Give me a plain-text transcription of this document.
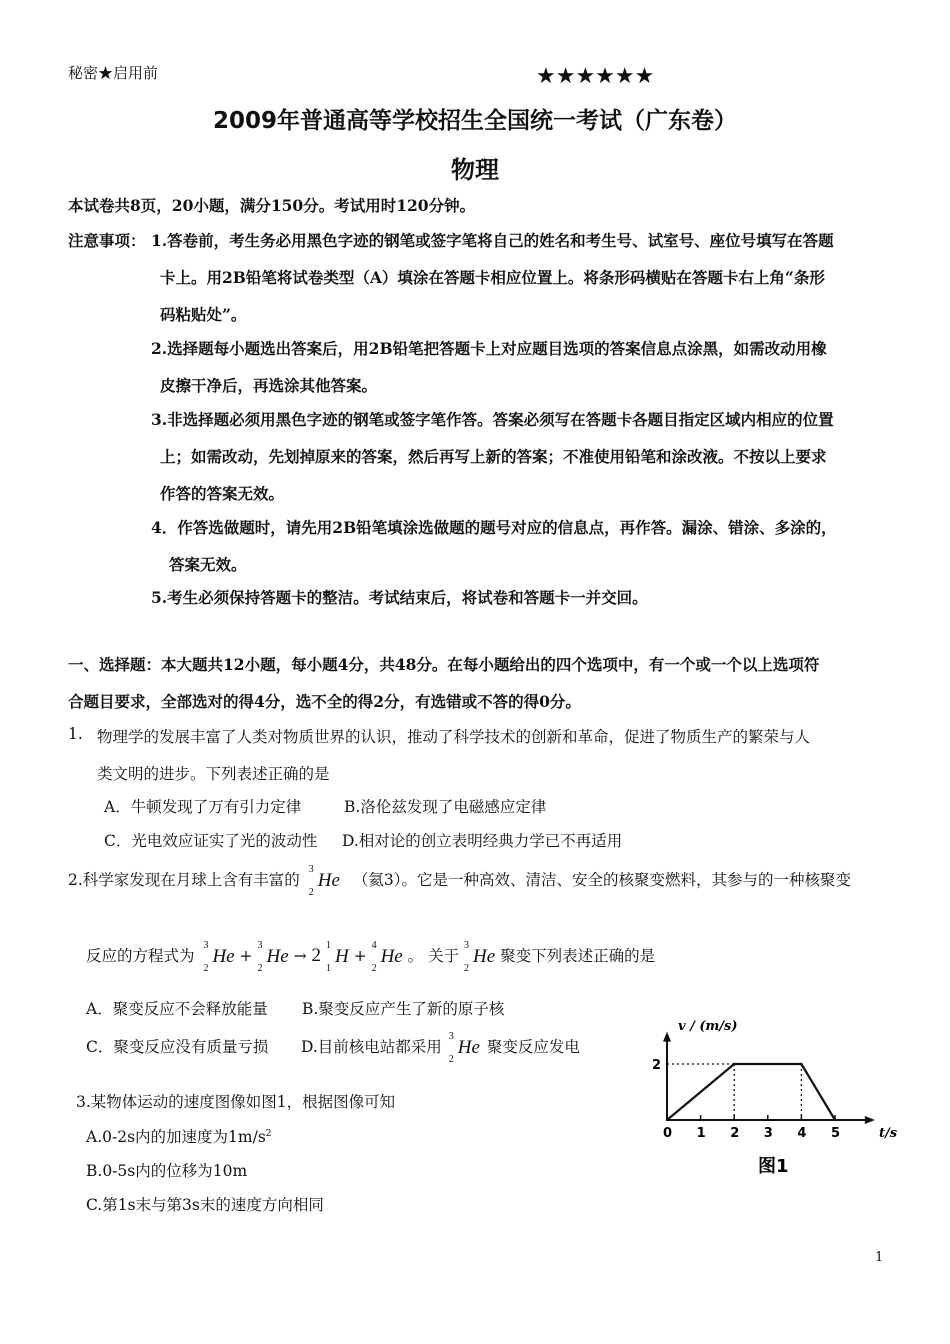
秘密★启用前	★★★★★★
2009年普通高等学校招生全国统一考试（广东卷）
物理
本试卷共8页，20小题，满分150分。考试用时120分钟。
注意事项： 1.答卷前，考生务必用黑色字迹的钢笔或签字笔将自己的姓名和考生号、试室号、座位号填写在答题
卡上。用2B铅笔将试卷类型（A）填涂在答题卡相应位置上。将条形码横贴在答题卡右上角“条形
码粘贴处”。
2.选择题每小题选出答案后，用2B铅笔把答题卡上对应题目选项的答案信息点涂黑，如需改动用橡
皮擦干净后，再选涂其他答案。
3.非选择题必须用黑色字迹的钢笔或签字笔作答。答案必须写在答题卡各题目指定区域内相应的位置
上；如需改动，先划掉原来的答案，然后再写上新的答案；不准使用铅笔和涂改液。不按以上要求
作答的答案无效。
4．作答选做题时，请先用2B铅笔填涂选做题的题号对应的信息点，再作答。漏涂、错涂、多涂的，
答案无效。
5.考生必须保持答题卡的整洁。考试结束后，将试卷和答题卡一并交回。
一、选择题：本大题共12小题，每小题4分，共48分。在每小题给出的四个选项中，有一个或一个以上选项符
合题目要求，全部选对的得4分，选不全的得2分，有选错或不答的得0分。
1. 物理学的发展丰富了人类对物质世界的认识，推动了科学技术的创新和革命，促进了物质生产的繁荣与人
类文明的进步。下列表述正确的是
A．牛顿发现了万有引力定律	B.洛伦兹发现了电磁感应定律
C．光电效应证实了光的波动性 D.相对论的创立表明经典力学已不再适用
2.科学家发现在月球上含有丰富的
3
2
He （氦3）。它是一种高效、清洁、安全的核聚变燃料，其参与的一种核聚变
反应的方程式为
3
2
He +
3
2
He → 2 1
1
H +
4
2
He 。 关于
3
2
He 聚变下列表述正确的是
A．聚变反应不会释放能量 B.聚变反应产生了新的原子核
C．聚变反应没有质量亏损 D.目前核电站都采用
3
2
He 聚变反应发电
3.某物体运动的速度图像如图1，根据图像可知
A.0-2s内的加速度为$1m/s^2$
B.0-5s内的位移为10m
C.第1s末与第3s末的速度方向相同
0 1 2 3 4 5
2
v / (m/s)
t/s
图1
1
